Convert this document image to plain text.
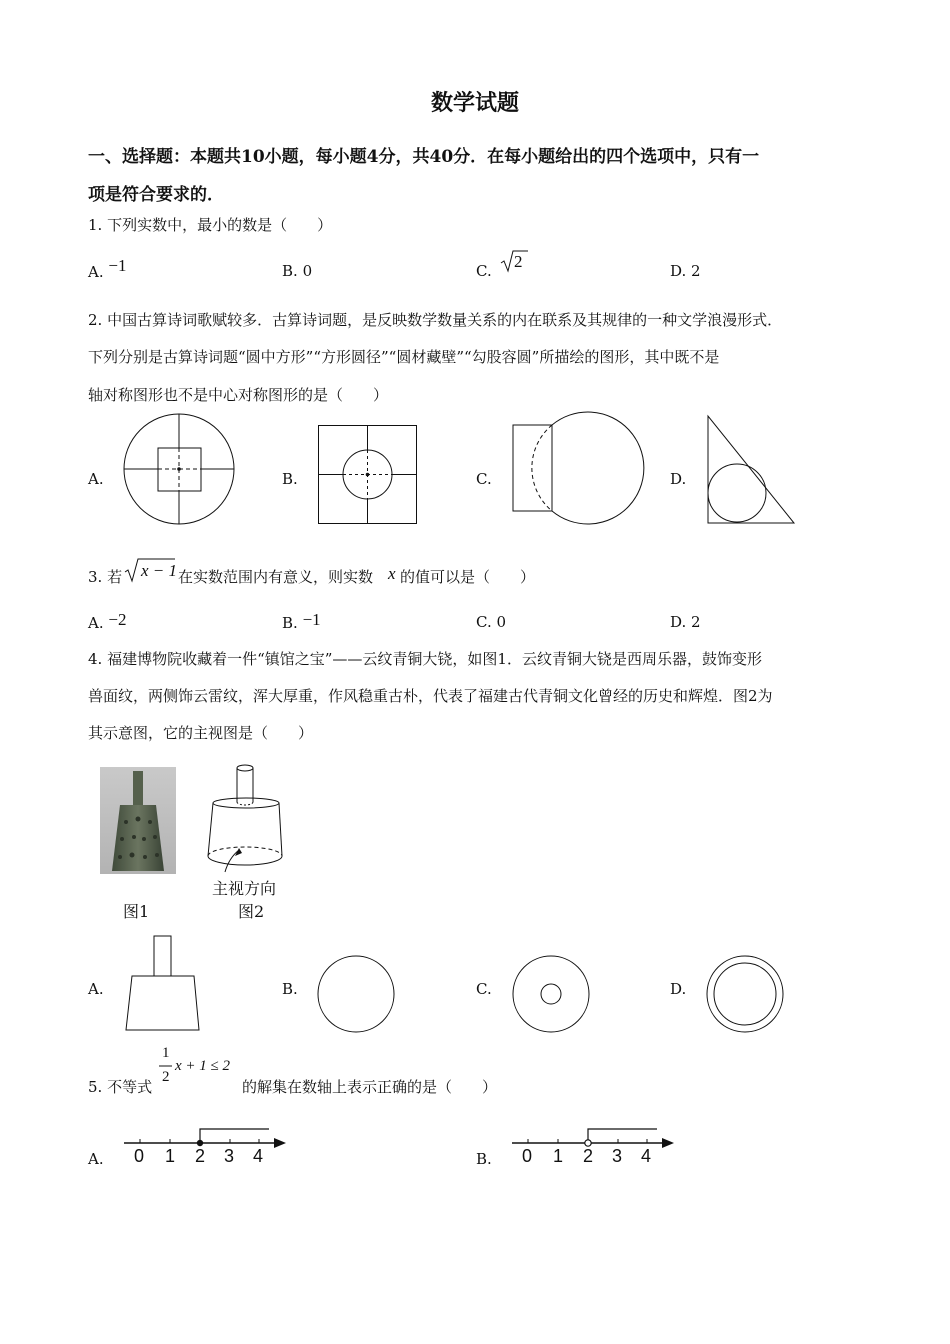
数学试题
一、选择题：本题共10小题，每小题4分，共40分．在每小题给出的四个选项中，只有一
项是符合要求的．
1. 下列实数中，最小的数是（　　）
A. −1	B. 0	C. 2	D. 2
2. 中国古算诗词歌赋较多．古算诗词题，是反映数学数量关系的内在联系及其规律的一种文学浪漫形式．
下列分别是古算诗词题“圆中方形”“方形圆径”“圆材藏壁”“勾股容圆”所描绘的图形，其中既不是
轴对称图形也不是中心对称图形的是（　　）
A.	B.	C.	D.
3. 若 x − 1 在实数范围内有意义，则实数 x 的值可以是（　　）
A. −2	B. −1	C. 0	D. 2
4. 福建博物院收藏着一件“镇馆之宝”——云纹青铜大铙，如图1．云纹青铜大铙是西周乐器，鼓饰变形
兽面纹，两侧饰云雷纹，浑大厚重，作风稳重古朴，代表了福建古代青铜文化曾经的历史和辉煌．图2为
其示意图，它的主视图是（　　）
图1
主视方向
图2
A.	B.	C.	D.
5. 不等式
1
2
x + 1 ≤ 2
的解集在数轴上表示正确的是（　　）
A. 0 1 2 3 4	B. 0 1 2 3 4
